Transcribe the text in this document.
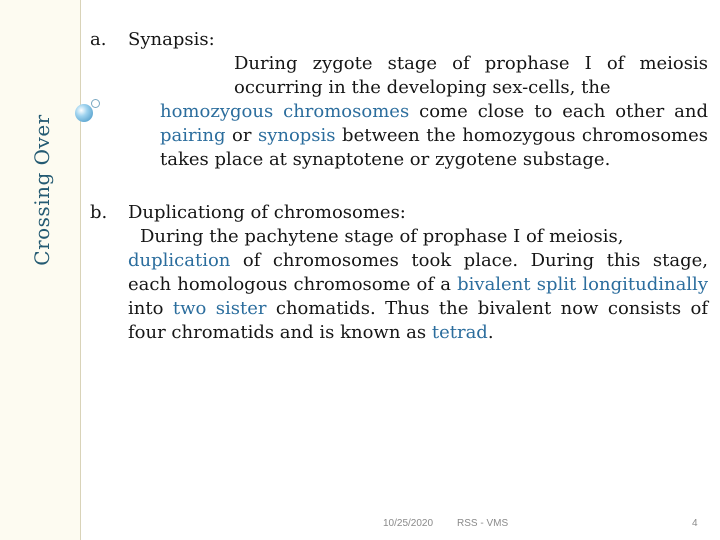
Crossing Over
a.	Synapsis:
During zygote stage of prophase I of meiosis occurring in the developing sex-cells, thehomozygous chromosomes come close to each other and pairing or synopsis between the homozygous chromosomes takes place at synaptotene or zygotene substage.
b.	Duplicationg of chromosomes:
During the pachytene stage of prophase I of meiosis,duplication of chromosomes took place. During this stage, each homologous chromosome of a bivalent split longitudinally into two sister chomatids. Thus the bivalent now consists of four chromatids and is known as tetrad.
10/25/2020 RSS - VMS	4
